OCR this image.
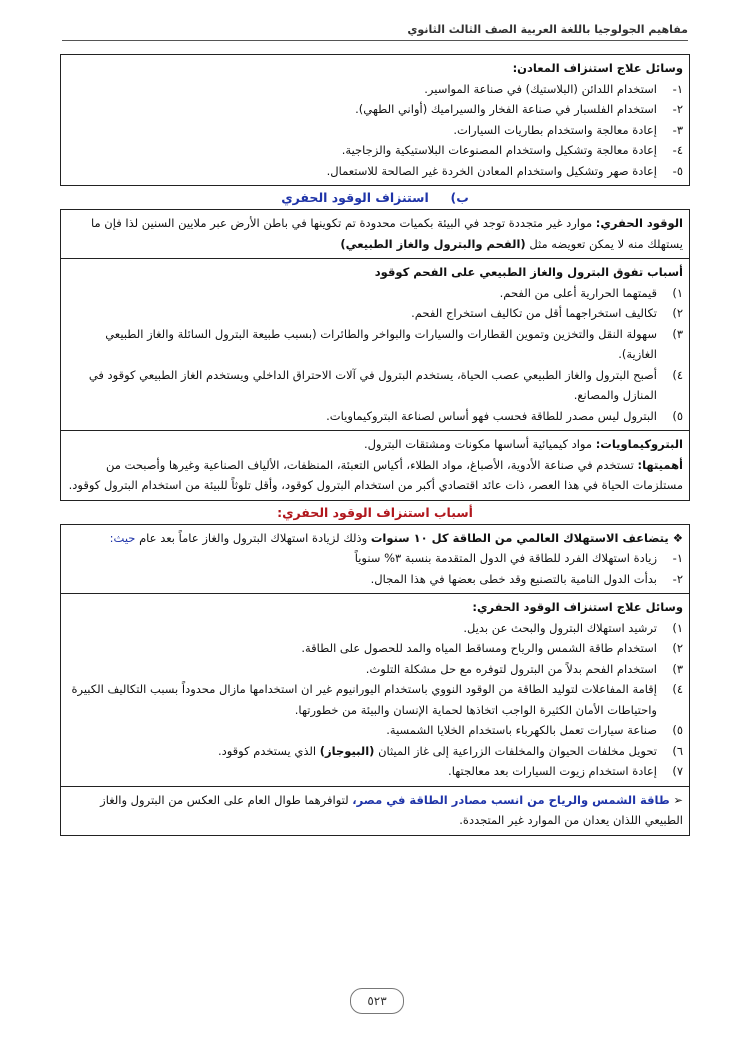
مفاهيم الجولوجيا باللغة العربية الصف الثالث الثانوي
وسائل علاج استنزاف المعادن:
١-
استخدام اللدائن (البلاستيك) في صناعة المواسير.
٢-
استخدام الفلسبار في صناعة الفخار والسيراميك (أواني الطهي).
٣-
إعادة معالجة واستخدام بطاريات السيارات.
٤-
إعادة معالجة وتشكيل واستخدام المصنوعات البلاستيكية والزجاجية.
٥-
إعادة صهر وتشكيل واستخدام المعادن الخردة غير الصالحة للاستعمال.
ب)     استنزاف الوقود الحفري
الوقود الحفري: موارد غير متجددة توجد في البيئة بكميات محدودة تم تكوينها في باطن الأرض عبر ملايين السنين لذا فإن ما يستهلك منه لا يمكن تعويضه مثل (الفحم والبترول والغاز الطبيعي)
أسباب تفوق البترول والغاز الطبيعي على الفحم كوقود
١)
قيمتهما الحرارية أعلى من الفحم.
٢)
تكاليف استخراجهما أقل من تكاليف استخراج الفحم.
٣)
سهولة النقل والتخزين وتموين القطارات والسيارات والبواخر والطائرات (بسبب طبيعة البترول السائلة والغاز الطبيعي الغازية).
٤)
أصبح البترول والغاز الطبيعي عصب الحياة، يستخدم البترول في آلات الاحتراق الداخلي ويستخدم الغاز الطبيعي كوقود في المنازل والمصانع.
٥)
البترول ليس مصدر للطاقة فحسب فهو أساس لصناعة البتروكيماويات.
البتروكيماويات: مواد كيميائية أساسها مكونات ومشتقات البترول.
أهميتها: تستخدم في صناعة الأدوية، الأصباغ، مواد الطلاء، أكياس التعبئة، المنظفات، الألياف الصناعية وغيرها وأصبحت من مستلزمات الحياة في هذا العصر، ذات عائد اقتصادي أكبر من استخدام البترول كوقود، وأقل تلوثاً للبيئة من استخدام البترول كوقود.
أسباب استنزاف الوقود الحفري:
❖يتضاعف الاستهلاك العالمي من الطاقة كل ١٠ سنوات وذلك لزيادة استهلاك البترول والغاز عاماً بعد عام حيث:
١-
زيادة استهلاك الفرد للطاقة في الدول المتقدمة بنسبة ٣% سنوياً
٢-
بدأت الدول النامية بالتصنيع وقد خطى بعضها في هذا المجال.
وسائل علاج استنزاف الوقود الحفري:
١)
ترشيد استهلاك البترول والبحث عن بديل.
٢)
استخدام طاقة الشمس والرياح ومساقط المياه والمد للحصول على الطاقة.
٣)
استخدام الفحم بدلاً من البترول لتوفره مع حل مشكلة التلوث.
٤)
إقامة المفاعلات لتوليد الطاقة من الوقود النووي باستخدام اليورانيوم غير ان استخدامها مازال محدوداً بسبب التكاليف الكبيرة واحتياطات الأمان الكثيرة الواجب اتخاذها لحماية الإنسان والبيئة من خطورتها.
٥)
صناعة سيارات تعمل بالكهرباء باستخدام الخلايا الشمسية.
٦)
تحويل مخلفات الحيوان والمخلفات الزراعية إلى غاز الميثان (البيوجاز) الذي يستخدم كوقود.
٧)
إعادة استخدام زيوت السيارات بعد معالجتها.
➢ طاقة الشمس والرياح من انسب مصادر الطاقة في مصر، لتوافرهما طوال العام على العكس من البترول والغاز الطبيعي اللذان يعدان من الموارد غير المتجددة.
٥٢٣
